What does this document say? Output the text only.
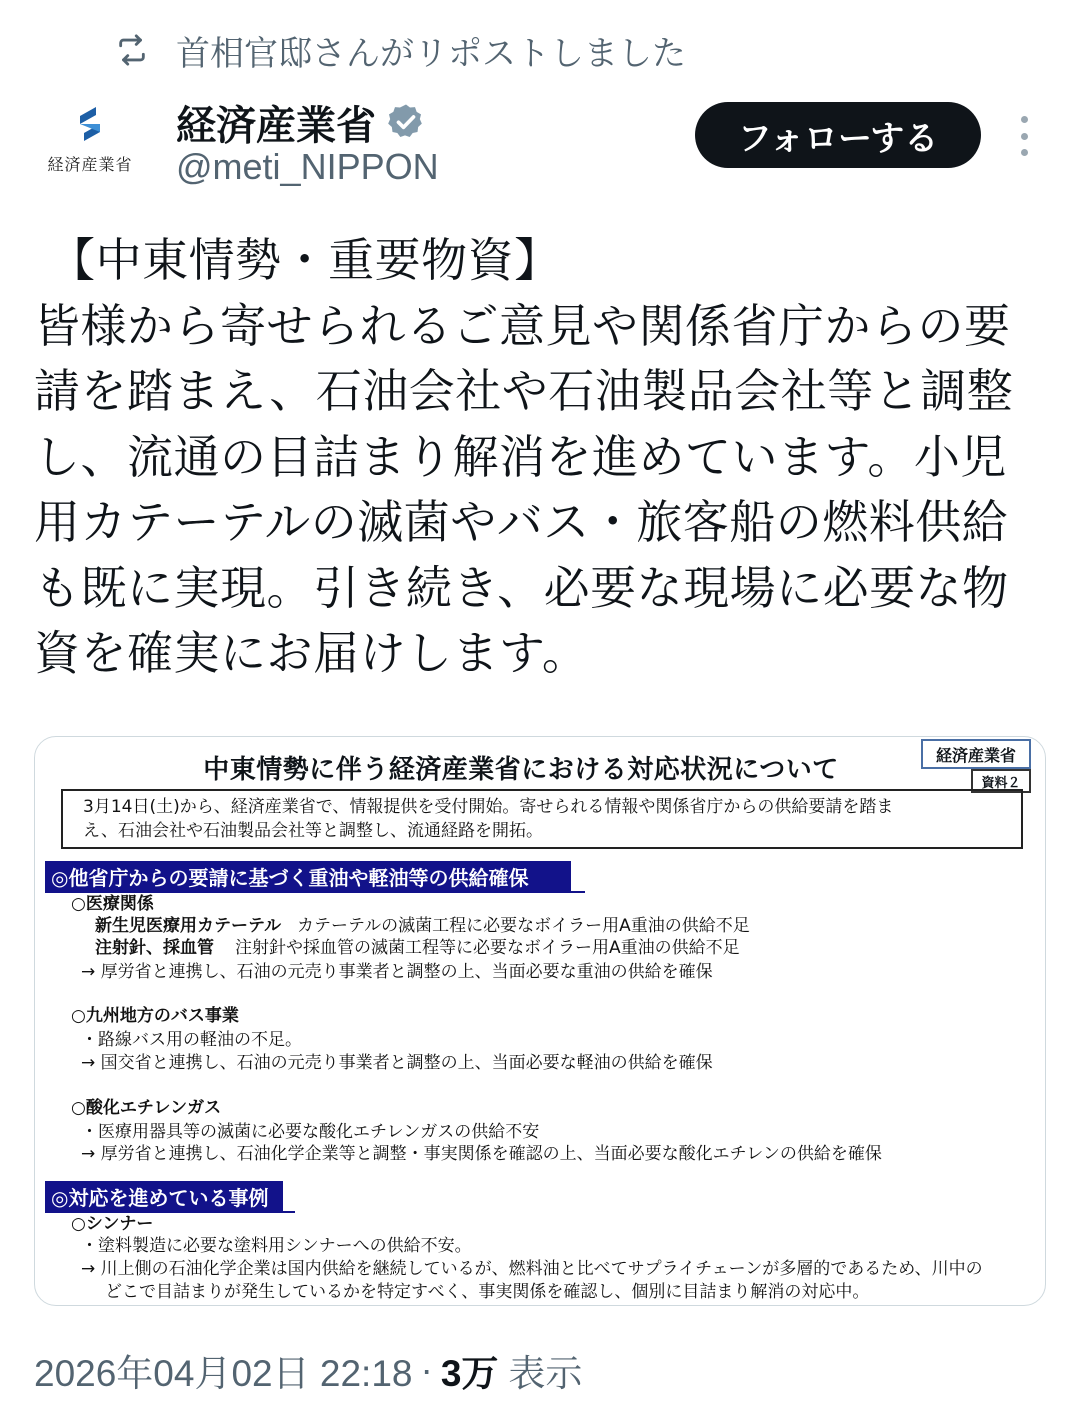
首相官邸さんがリポストしました
経済産業省
経済産業省
@meti_NIPPON
フォローする
【中東情勢・重要物資】
皆様から寄せられるご意見や関係省庁からの要請を踏まえ、石油会社や石油製品会社等と調整し、流通の目詰まり解消を進めています。小児用カテーテルの滅菌やバス・旅客船の燃料供給も既に実現。引き続き、必要な現場に必要な物資を確実にお届けします。
中東情勢に伴う経済産業省における対応状況について	経済産業省
資料２
3月14日(土)から、経済産業省で、情報提供を受付開始。寄せられる情報や関係省庁からの供給要請を踏ま
え、石油会社や石油製品会社等と調整し、流通経路を開拓。
◎他省庁からの要請に基づく重油や軽油等の供給確保
○医療関係
新生児医療用カテーテル カテーテルの滅菌工程に必要なボイラー用A重油の供給不足
注射針、採血管 注射針や採血管の滅菌工程等に必要なボイラー用A重油の供給不足
→ 厚労省と連携し、石油の元売り事業者と調整の上、当面必要な重油の供給を確保
○九州地方のバス事業
・路線バス用の軽油の不足。
→ 国交省と連携し、石油の元売り事業者と調整の上、当面必要な軽油の供給を確保
○酸化エチレンガス
・医療用器具等の滅菌に必要な酸化エチレンガスの供給不安
→ 厚労省と連携し、石油化学企業等と調整・事実関係を確認の上、当面必要な酸化エチレンの供給を確保
◎対応を進めている事例
○シンナー
・塗料製造に必要な塗料用シンナーへの供給不安。
→ 川上側の石油化学企業は国内供給を継続しているが、燃料油と比べてサプライチェーンが多層的であるため、川中の
どこで目詰まりが発生しているかを特定すべく、事実関係を確認し、個別に目詰まり解消の対応中。
2026年04月02日 22:18 · 3万 表示
